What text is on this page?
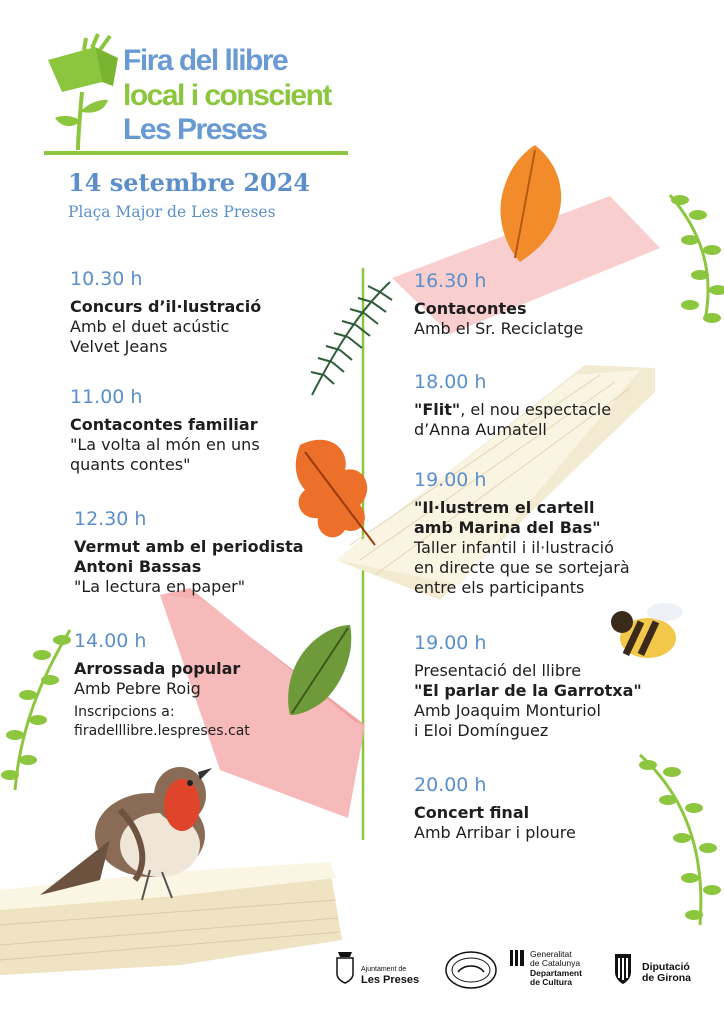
Fira del llibre
local i conscient
Les Preses
14 setembre 2024
Plaça Major de Les Preses
10.30 h
Concurs d’il·lustració
Amb el duet acústic
Velvet Jeans
11.00 h
Contacontes familiar
"La volta al món en uns
quants contes"
12.30 h
Vermut amb el periodista
Antoni Bassas
"La lectura en paper"
14.00 h
Arrossada popular
Amb Pebre Roig
Inscripcions a:
firadelllibre.lespreses.cat
16.30 h
Contacontes
Amb el Sr. Reciclatge
18.00 h
"Flit", el nou espectacle
d’Anna Aumatell
19.00 h
"Il·lustrem el cartell
amb Marina del Bas"
Taller infantil i il·lustració
en directe que se sortejarà
entre els participants
19.00 h
Presentació del llibre
"El parlar de la Garrotxa"
Amb Joaquim Monturiol
i Eloi Domínguez
20.00 h
Concert final
Amb Arribar i ploure
Ajuntament de
Les Preses
Generalitat
de Catalunya
Departament
de Cultura
Diputació
de Girona
